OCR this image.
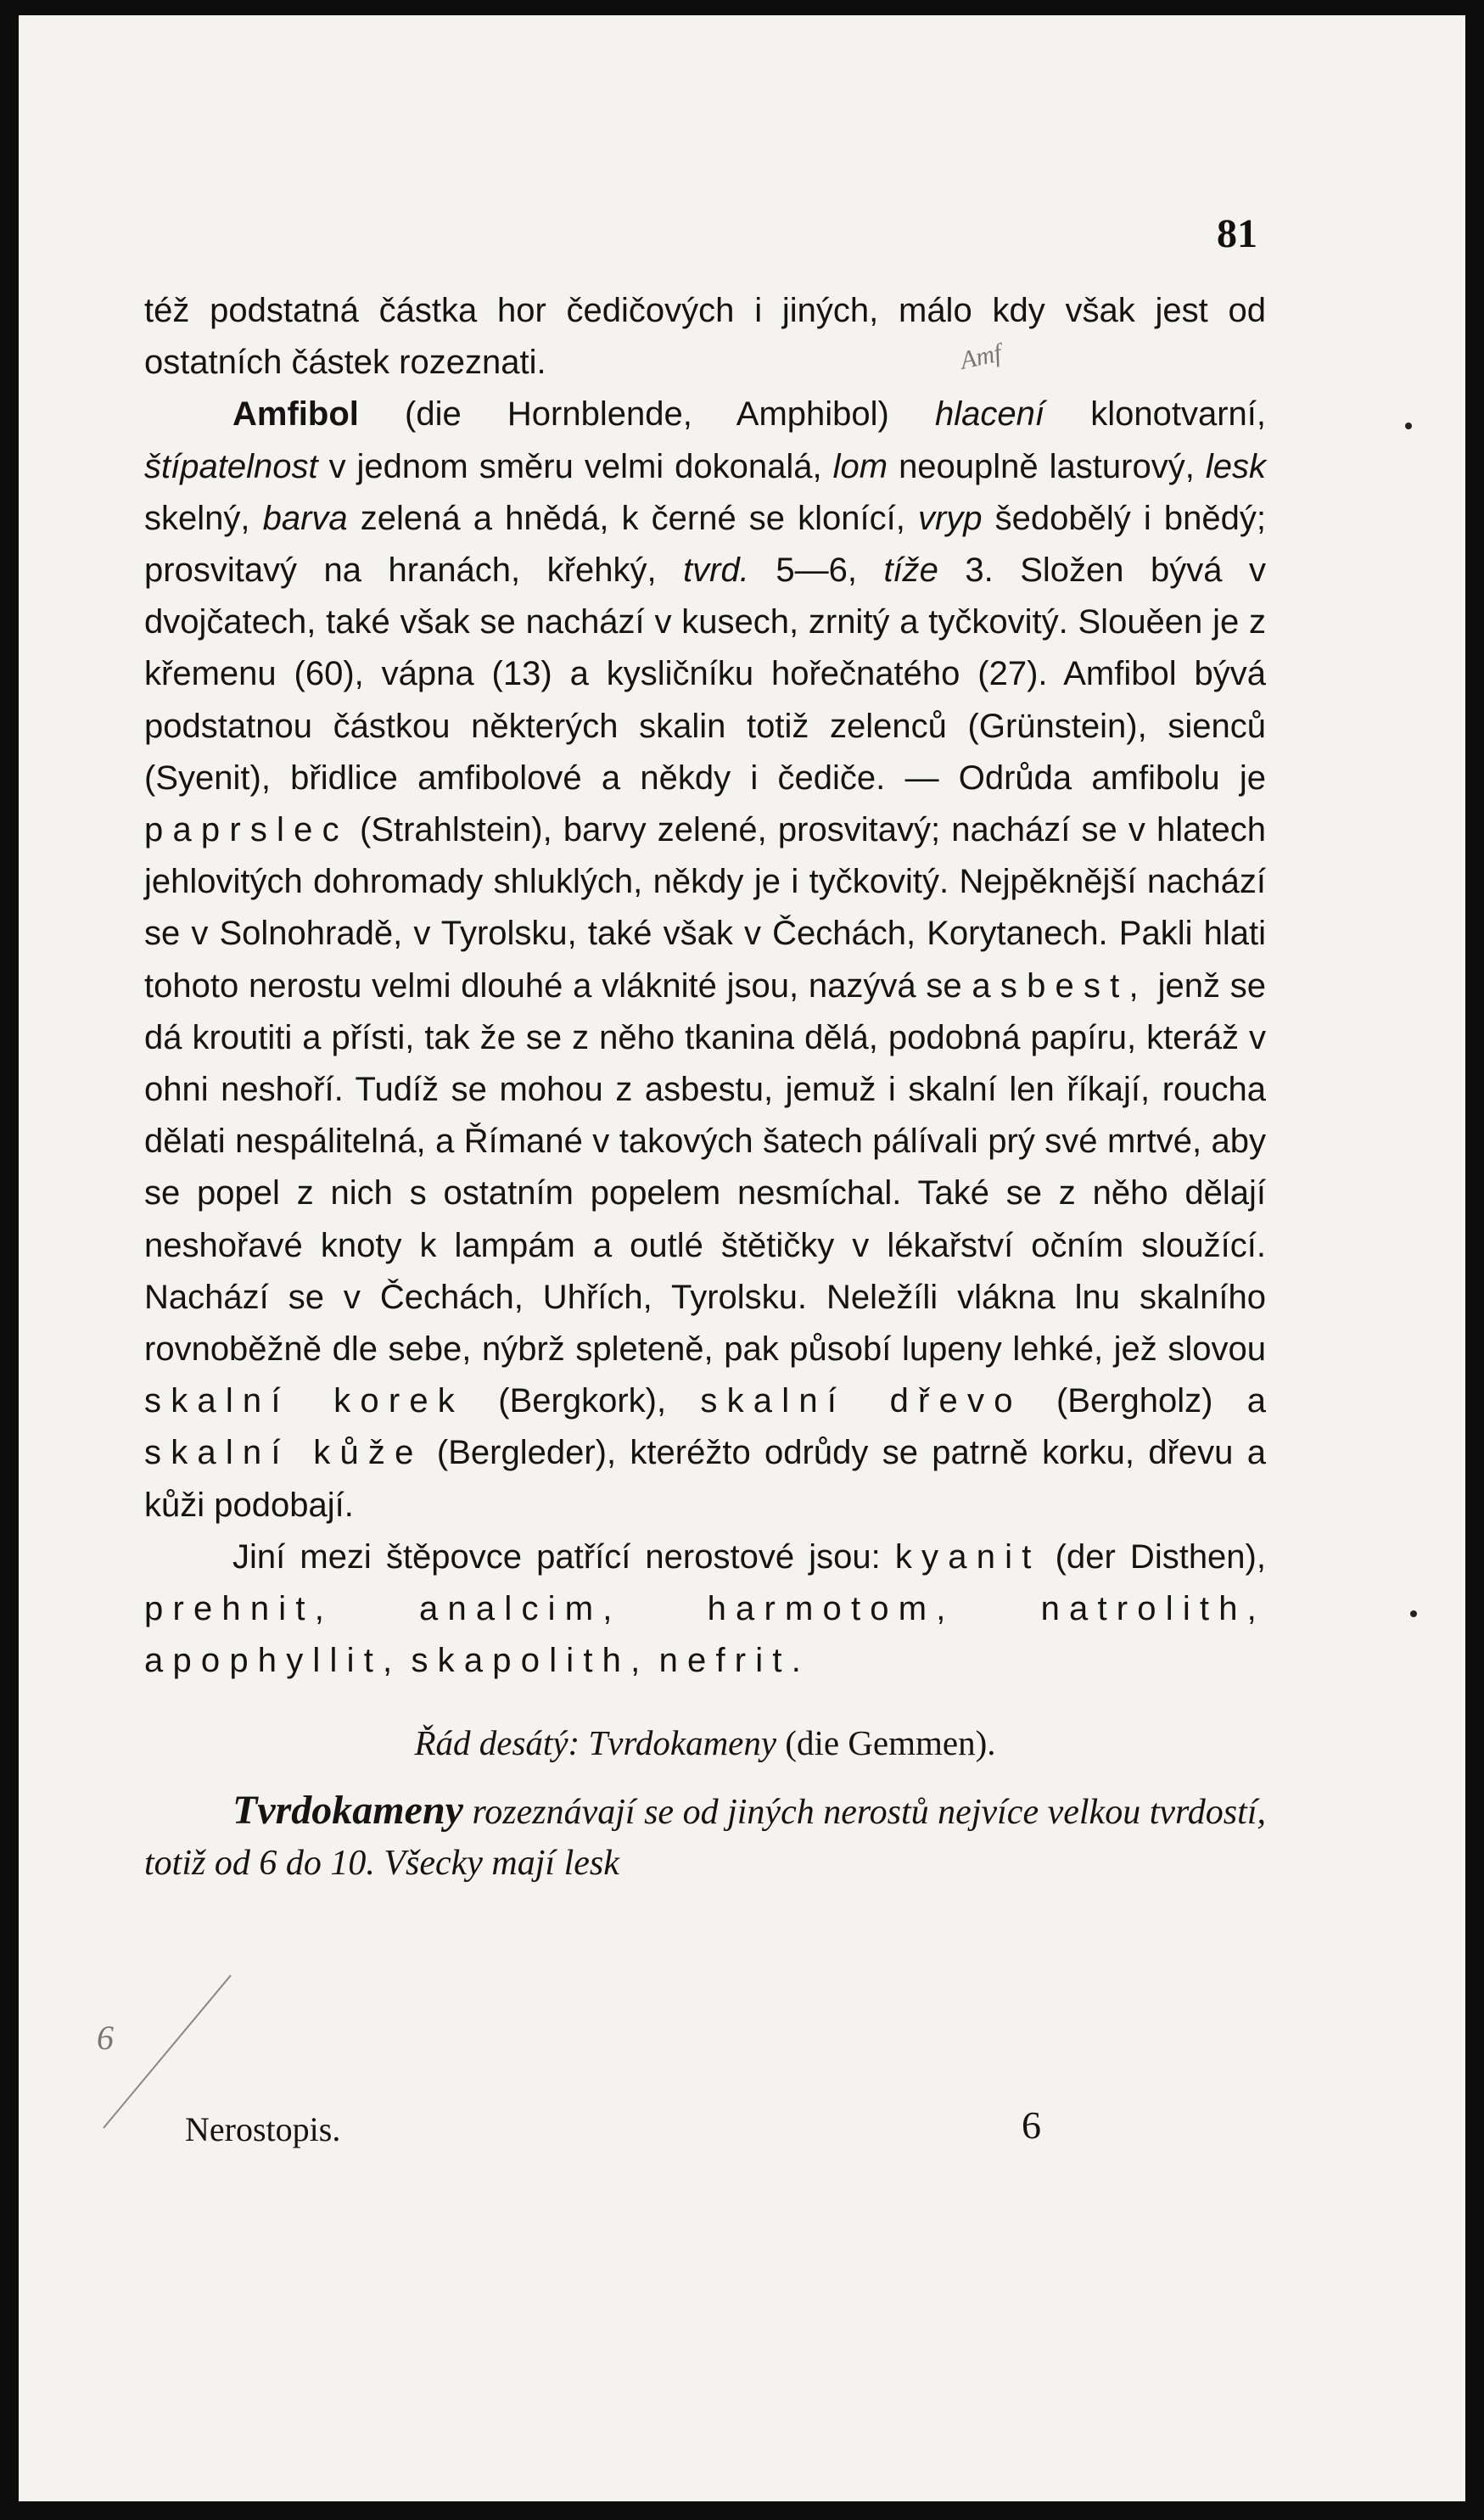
81
Amf

též podstatná částka hor čedičových i jiných, málo kdy však jest od ostatních částek rozeznati.

Amfibol (die Hornblende, Amphibol) hlacení klonotvarní, štípatelnost v jednom směru velmi dokonalá, lom neouplně lasturový, lesk skelný, barva zelená a hnědá, k černé se klonící, vryp šedobělý i bnědý; prosvitavý na hranách, křehký, tvrd. 5—6, tíže 3. Složen bývá v dvojčatech, také však se nachází v kusech, zrnitý a tyčkovitý. Slouěen je z křemenu (60), vápna (13) a kysličníku hořečnatého (27). Amfibol bývá podstatnou částkou některých skalin totiž zelenců (Grünstein), sienců (Syenit), břidlice amfibolové a někdy i čediče. — Odrůda amfibolu je paprslec (Strahlstein), barvy zelené, prosvitavý; nachází se v hlatech jehlovitých dohromady shluklých, někdy je i tyčkovitý. Nejpěknější nachází se v Solnohradě, v Tyrolsku, také však v Čechách, Korytanech. Pakli hlati tohoto nerostu velmi dlouhé a vláknité jsou, nazývá se asbest, jenž se dá kroutiti a přísti, tak že se z něho tkanina dělá, podobná papíru, kteráž v ohni neshoří. Tudíž se mohou z asbestu, jemuž i skalní len říkají, roucha dělati nespálitelná, a Římané v takových šatech pálívali prý své mrtvé, aby se popel z nich s ostatním popelem nesmíchal. Také se z něho dělají neshořavé knoty k lampám a outlé štětičky v lékařství očním sloužící. Nachází se v Čechách, Uhřích, Tyrolsku. Neležíli vlákna lnu skalního rovnoběžně dle sebe, nýbrž spleteně, pak působí lupeny lehké, jež slovou skalní korek (Bergkork), skalní dřevo (Bergholz) a skalní kůže (Bergleder), kteréžto odrůdy se patrně korku, dřevu a kůži podobají.

Jiní mezi štěpovce patřící nerostové jsou: kyanit (der Disthen), prehnit,	analcim,	harmotom,	natrolith, apophyllit, skapolith, nefrit.

Řád desátý: Tvrdokameny (die Gemmen).

Tvrdokameny rozeznávají se od jiných nerostů nejvíce velkou tvrdostí, totiž od 6 do 10. Všecky mají lesk

Nerostopis.	6
6
